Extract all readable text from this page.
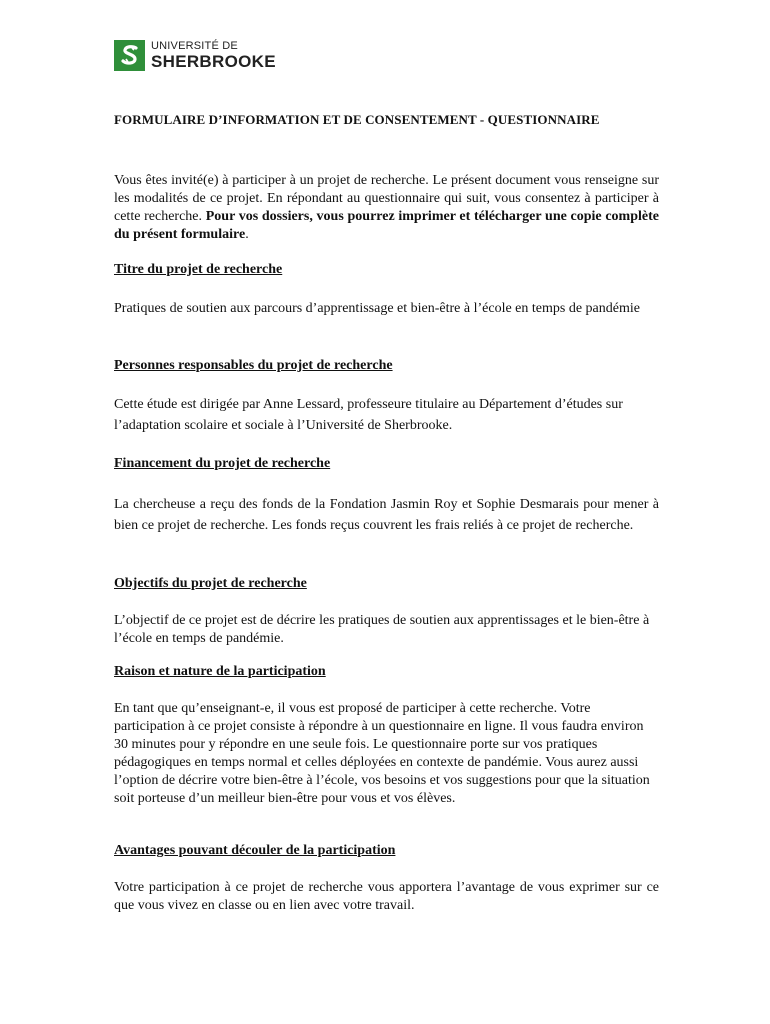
UNIVERSITÉ DE
SHERBROOKE
FORMULAIRE D’INFORMATION ET DE CONSENTEMENT - QUESTIONNAIRE
Vous êtes invité(e) à participer à un projet de recherche. Le présent document vous renseigne sur les modalités de ce projet. En répondant au questionnaire qui suit, vous consentez à participer à cette recherche. Pour vos dossiers, vous pourrez imprimer et télécharger une copie complète du présent formulaire.
Titre du projet de recherche
Pratiques de soutien aux parcours d’apprentissage et bien-être à l’école en temps de pandémie
Personnes responsables du projet de recherche
Cette étude est dirigée par Anne Lessard, professeure titulaire au Département d’études sur l’adaptation scolaire et sociale à l’Université de Sherbrooke.
Financement du projet de recherche
La chercheuse a reçu des fonds de la Fondation Jasmin Roy et Sophie Desmarais pour mener à bien ce projet de recherche. Les fonds reçus couvrent les frais reliés à ce projet de recherche.
Objectifs du projet de recherche
L’objectif de ce projet est de décrire les pratiques de soutien aux apprentissages et le bien-être à l’école en temps de pandémie.
Raison et nature de la participation
En tant que qu’enseignant-e, il vous est proposé de participer à cette recherche. Votre participation à ce projet consiste à répondre à un questionnaire en ligne. Il vous faudra environ 30 minutes pour y répondre en une seule fois. Le questionnaire porte sur vos pratiques pédagogiques en temps normal et celles déployées en contexte de pandémie. Vous aurez aussi l’option de décrire votre bien-être à l’école, vos besoins et vos suggestions pour que la situation soit porteuse d’un meilleur bien-être pour vous et vos élèves.
Avantages pouvant découler de la participation
Votre participation à ce projet de recherche vous apportera l’avantage de vous exprimer sur ce que vous vivez en classe ou en lien avec votre travail.
